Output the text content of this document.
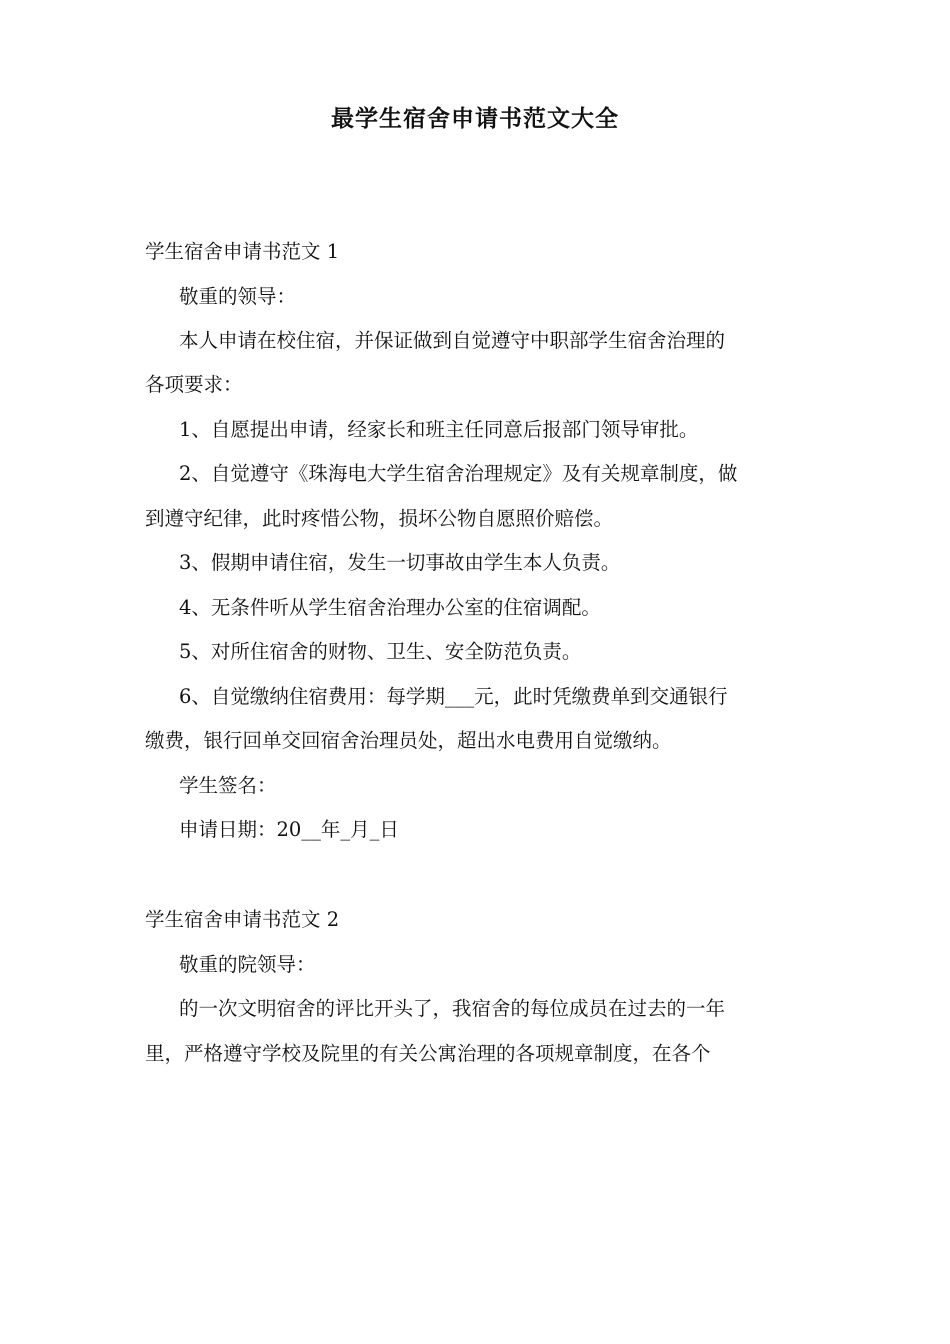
最学生宿舍申请书范文大全
学生宿舍申请书范文 1
敬重的领导：
本人申请在校住宿，并保证做到自觉遵守中职部学生宿舍治理的
各项要求：
1、自愿提出申请，经家长和班主任同意后报部门领导审批。
2、自觉遵守《珠海电大学生宿舍治理规定》及有关规章制度，做
到遵守纪律，此时疼惜公物，损坏公物自愿照价赔偿。
3、假期申请住宿，发生一切事故由学生本人负责。
4、无条件听从学生宿舍治理办公室的住宿调配。
5、对所住宿舍的财物、卫生、安全防范负责。
6、自觉缴纳住宿费用：每学期___元，此时凭缴费单到交通银行
缴费，银行回单交回宿舍治理员处，超出水电费用自觉缴纳。
学生签名：
申请日期：20__年_月_日
学生宿舍申请书范文 2
敬重的院领导：
的一次文明宿舍的评比开头了，我宿舍的每位成员在过去的一年
里，严格遵守学校及院里的有关公寓治理的各项规章制度，在各个
